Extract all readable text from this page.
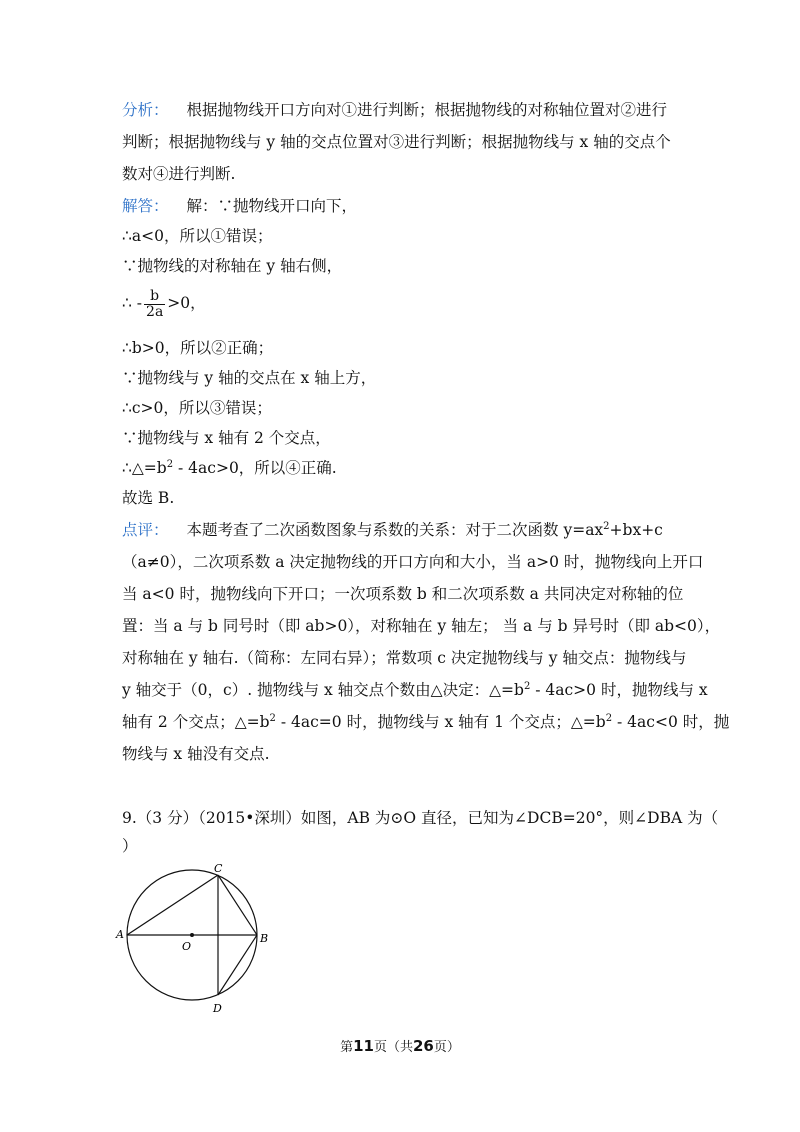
分析： 根据抛物线开口方向对①进行判断；根据抛物线的对称轴位置对②进行
判断；根据抛物线与 y 轴的交点位置对③进行判断；根据抛物线与 x 轴的交点个
数对④进行判断.
解答： 解：∵抛物线开口向下，
∴a<0，所以①错误；
∵抛物线的对称轴在 y 轴右侧，
∴ - $\frac{b}{2a} >0$，
∴b>0，所以②正确；
∵抛物线与 y 轴的交点在 x 轴上方，
∴c>0，所以③错误；
∵抛物线与 x 轴有 2 个交点，
$\therefore\triangle=b^2 - 4ac>0$，所以④正确.
故选 B.
点评： 本题考查了二次函数图象与系数的关系：对于二次函数 $y=ax^2+bx+c$
（a≠0），二次项系数 a 决定抛物线的开口方向和大小，当 a>0 时，抛物线向上开口
当 a<0 时，抛物线向下开口；一次项系数 b 和二次项系数 a 共同决定对称轴的位
置：当 a 与 b 同号时（即 ab>0），对称轴在 y 轴左； 当 a 与 b 异号时（即 ab<0），
对称轴在 y 轴右.（简称：左同右异）；常数项 c 决定抛物线与 y 轴交点：抛物线与
y 轴交于（0，c）. 抛物线与 x 轴交点个数由△决定：$\triangle=b^2 - 4ac>0$ 时，抛物线与 x
轴有 2 个交点；$\triangle=b^2 - 4ac=0$ 时，抛物线与 x 轴有 1 个交点；$\triangle=b^2 - 4ac<0$ 时，抛
物线与 x 轴没有交点.
9.（3 分）（2015•深圳）如图，AB 为⊙O 直径，已知为∠DCB=20°，则∠DBA 为（
）
A	B
C
D
O
第11页（共26页）
